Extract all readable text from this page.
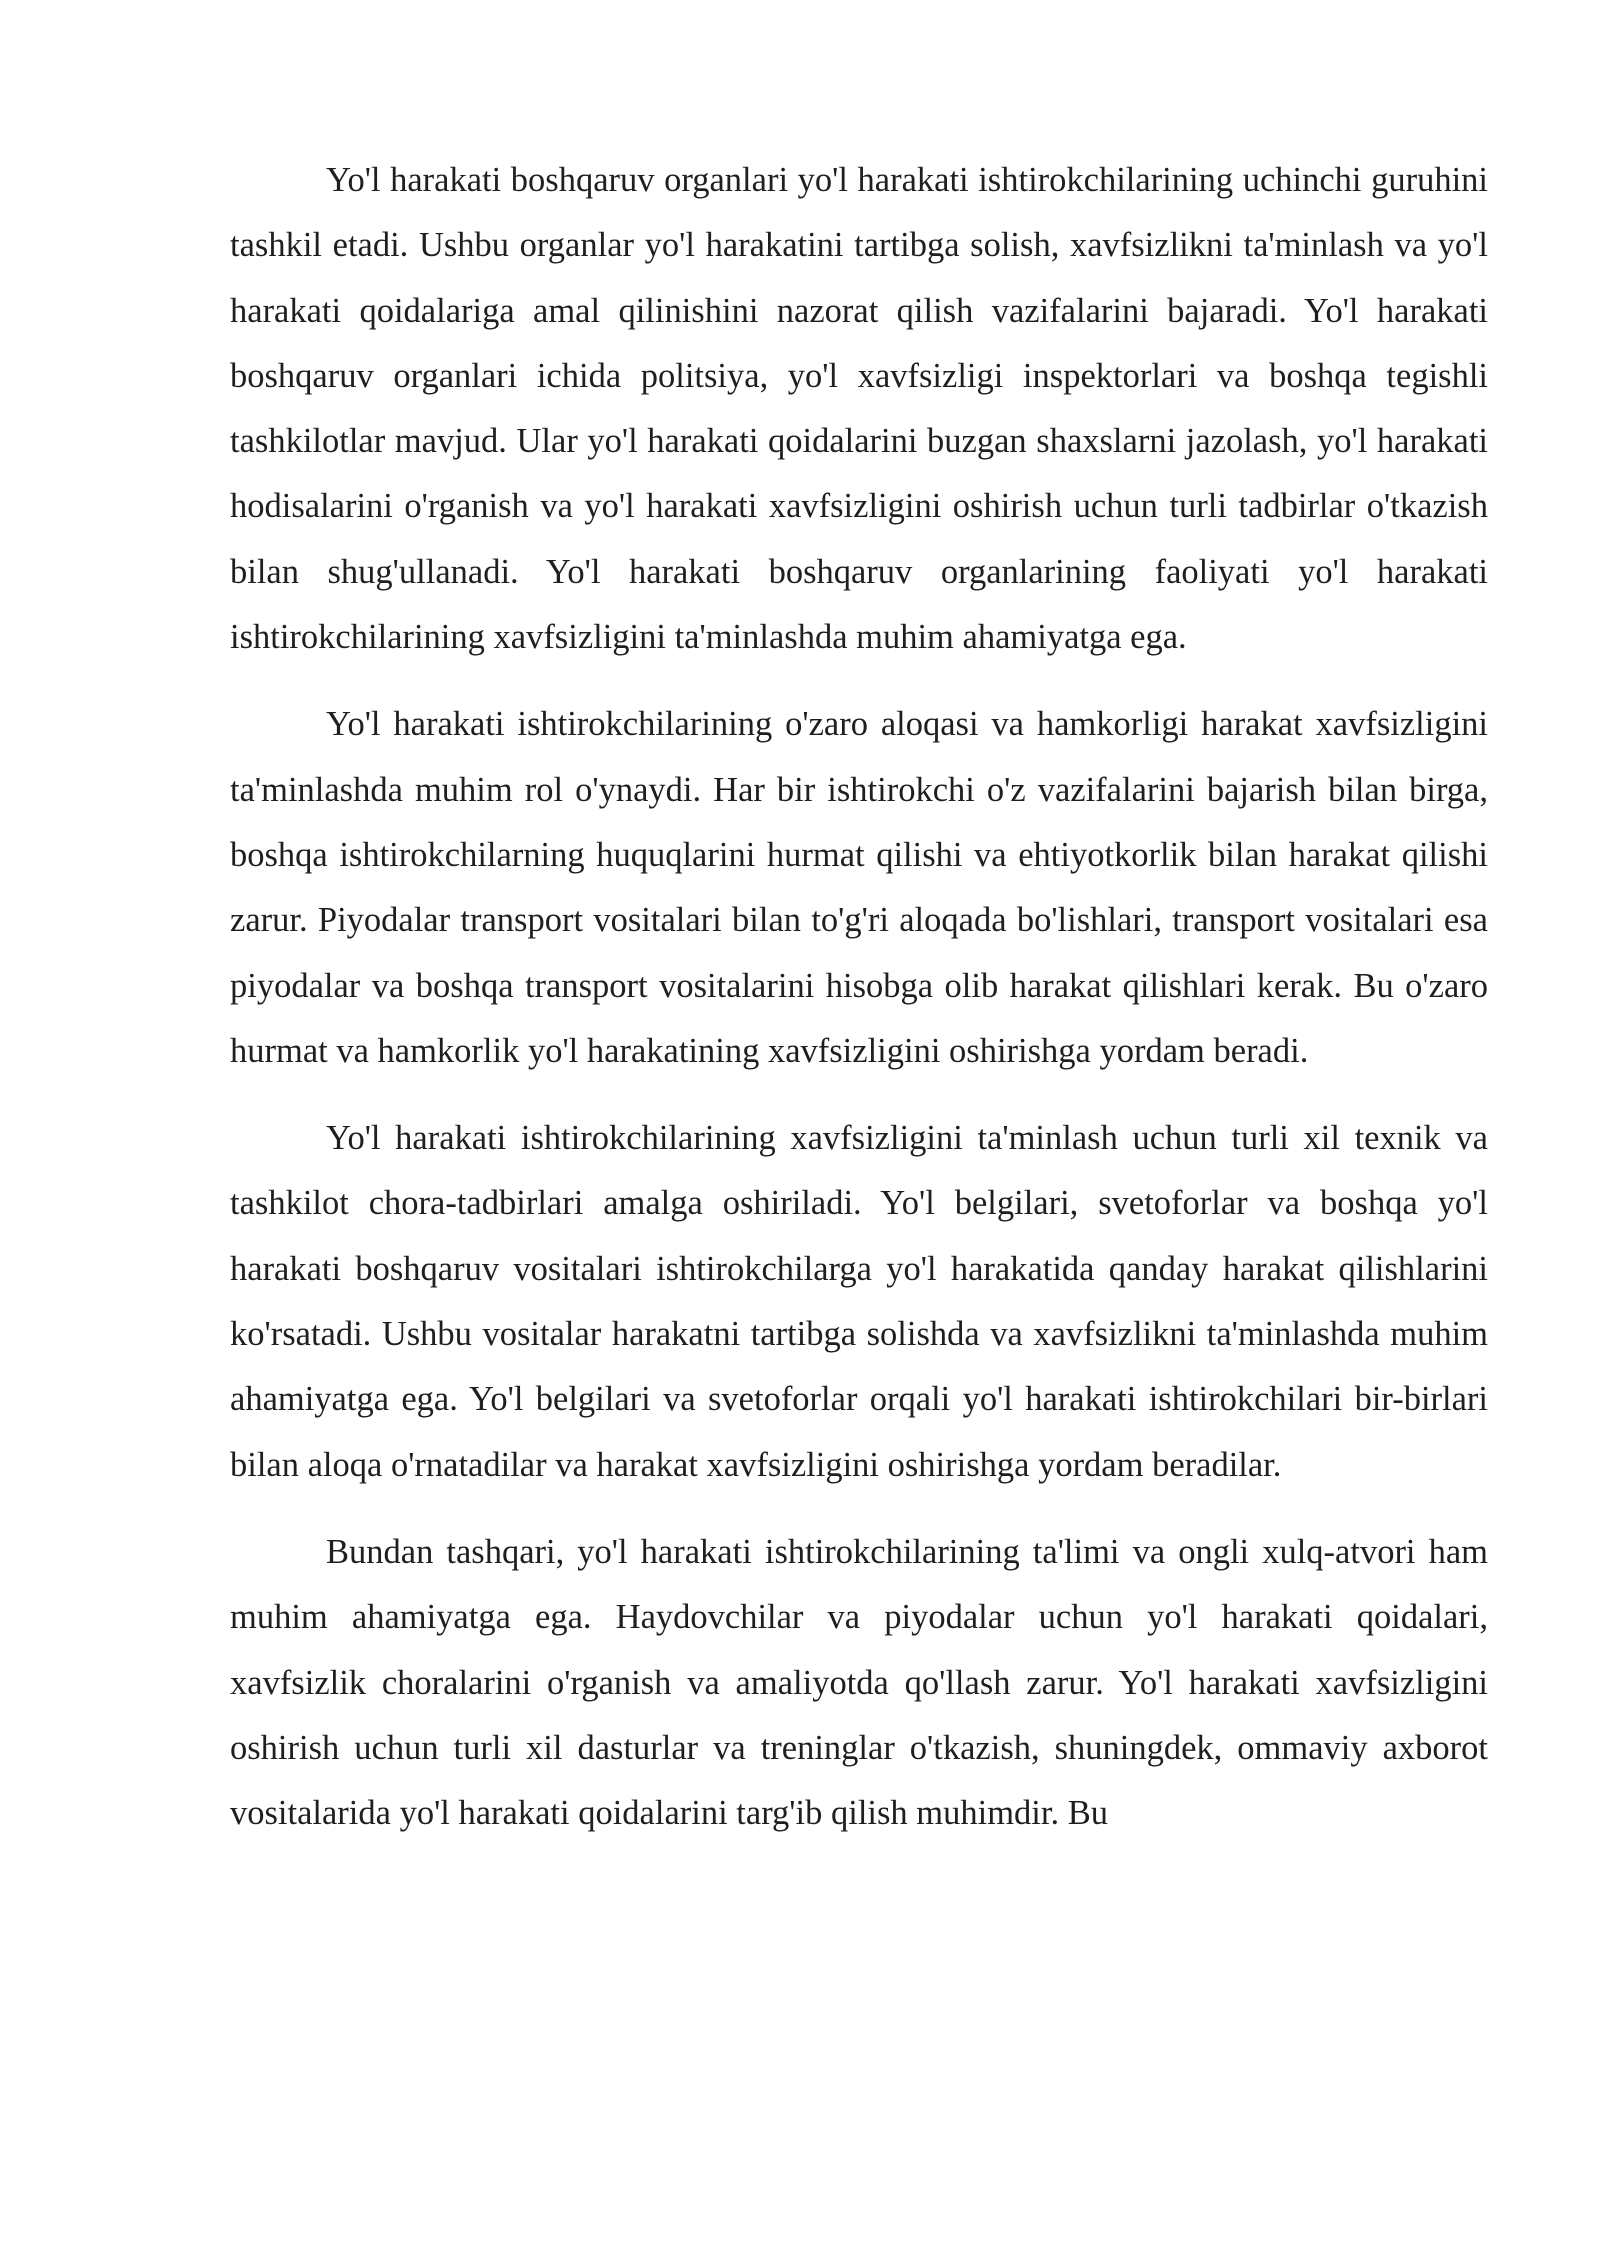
Yo'l harakati boshqaruv organlari yo'l harakati ishtirokchilarining uchinchi guruhini tashkil etadi. Ushbu organlar yo'l harakatini tartibga solish, xavfsizlikni ta'minlash va yo'l harakati qoidalariga amal qilinishini nazorat qilish vazifalarini bajaradi. Yo'l harakati boshqaruv organlari ichida politsiya, yo'l xavfsizligi inspektorlari va boshqa tegishli tashkilotlar mavjud. Ular yo'l harakati qoidalarini buzgan shaxslarni jazolash, yo'l harakati hodisalarini o'rganish va yo'l harakati xavfsizligini oshirish uchun turli tadbirlar o'tkazish bilan shug'ullanadi. Yo'l harakati boshqaruv organlarining faoliyati yo'l harakati ishtirokchilarining xavfsizligini ta'minlashda muhim ahamiyatga ega.

Yo'l harakati ishtirokchilarining o'zaro aloqasi va hamkorligi harakat xavfsizligini ta'minlashda muhim rol o'ynaydi. Har bir ishtirokchi o'z vazifalarini bajarish bilan birga, boshqa ishtirokchilarning huquqlarini hurmat qilishi va ehtiyotkorlik bilan harakat qilishi zarur. Piyodalar transport vositalari bilan to'g'ri aloqada bo'lishlari, transport vositalari esa piyodalar va boshqa transport vositalarini hisobga olib harakat qilishlari kerak. Bu o'zaro hurmat va hamkorlik yo'l harakatining xavfsizligini oshirishga yordam beradi.

Yo'l harakati ishtirokchilarining xavfsizligini ta'minlash uchun turli xil texnik va tashkilot chora-tadbirlari amalga oshiriladi. Yo'l belgilari, svetoforlar va boshqa yo'l harakati boshqaruv vositalari ishtirokchilarga yo'l harakatida qanday harakat qilishlarini ko'rsatadi. Ushbu vositalar harakatni tartibga solishda va xavfsizlikni ta'minlashda muhim ahamiyatga ega. Yo'l belgilari va svetoforlar orqali yo'l harakati ishtirokchilari bir-birlari bilan aloqa o'rnatadilar va harakat xavfsizligini oshirishga yordam beradilar.

Bundan tashqari, yo'l harakati ishtirokchilarining ta'limi va ongli xulq-atvori ham muhim ahamiyatga ega. Haydovchilar va piyodalar uchun yo'l harakati qoidalari, xavfsizlik choralarini o'rganish va amaliyotda qo'llash zarur. Yo'l harakati xavfsizligini oshirish uchun turli xil dasturlar va treninglar o'tkazish, shuningdek, ommaviy axborot vositalarida yo'l harakati qoidalarini targ'ib qilish muhimdir. Bu
